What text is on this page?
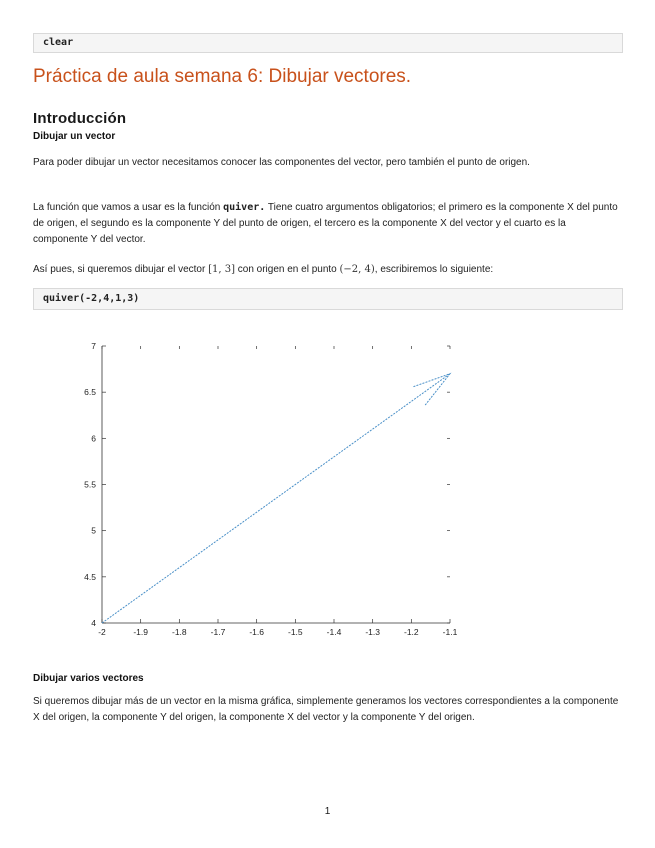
clear
Práctica de aula semana 6: Dibujar vectores.
Introducción
Dibujar un vector

Para poder dibujar un vector necesitamos conocer las componentes del vector, pero también el punto de origen.

La función que vamos a usar es la función quiver. Tiene cuatro argumentos obligatorios; el primero es la componente X del punto de origen, el segundo es la componente Y del punto de origen, el tercero es la componente X del vector y el cuarto es la componente Y del vector.

Así pues, si queremos dibujar el vector [1, 3] con origen en el punto (−2, 4), escribiremos lo siguiente:

quiver(-2,4,1,3)
-2	-1.9	-1.8	-1.7	-1.6	-1.5	-1.4	-1.3	-1.2	-1.1
4
4.5
5
5.5
6
6.5
7
Dibujar varios vectores

Si queremos dibujar más de un vector en la misma gráfica, simplemente generamos los vectores correspondientes a la componente X del origen, la componente Y del origen, la componente X del vector y la componente Y del origen.

1
